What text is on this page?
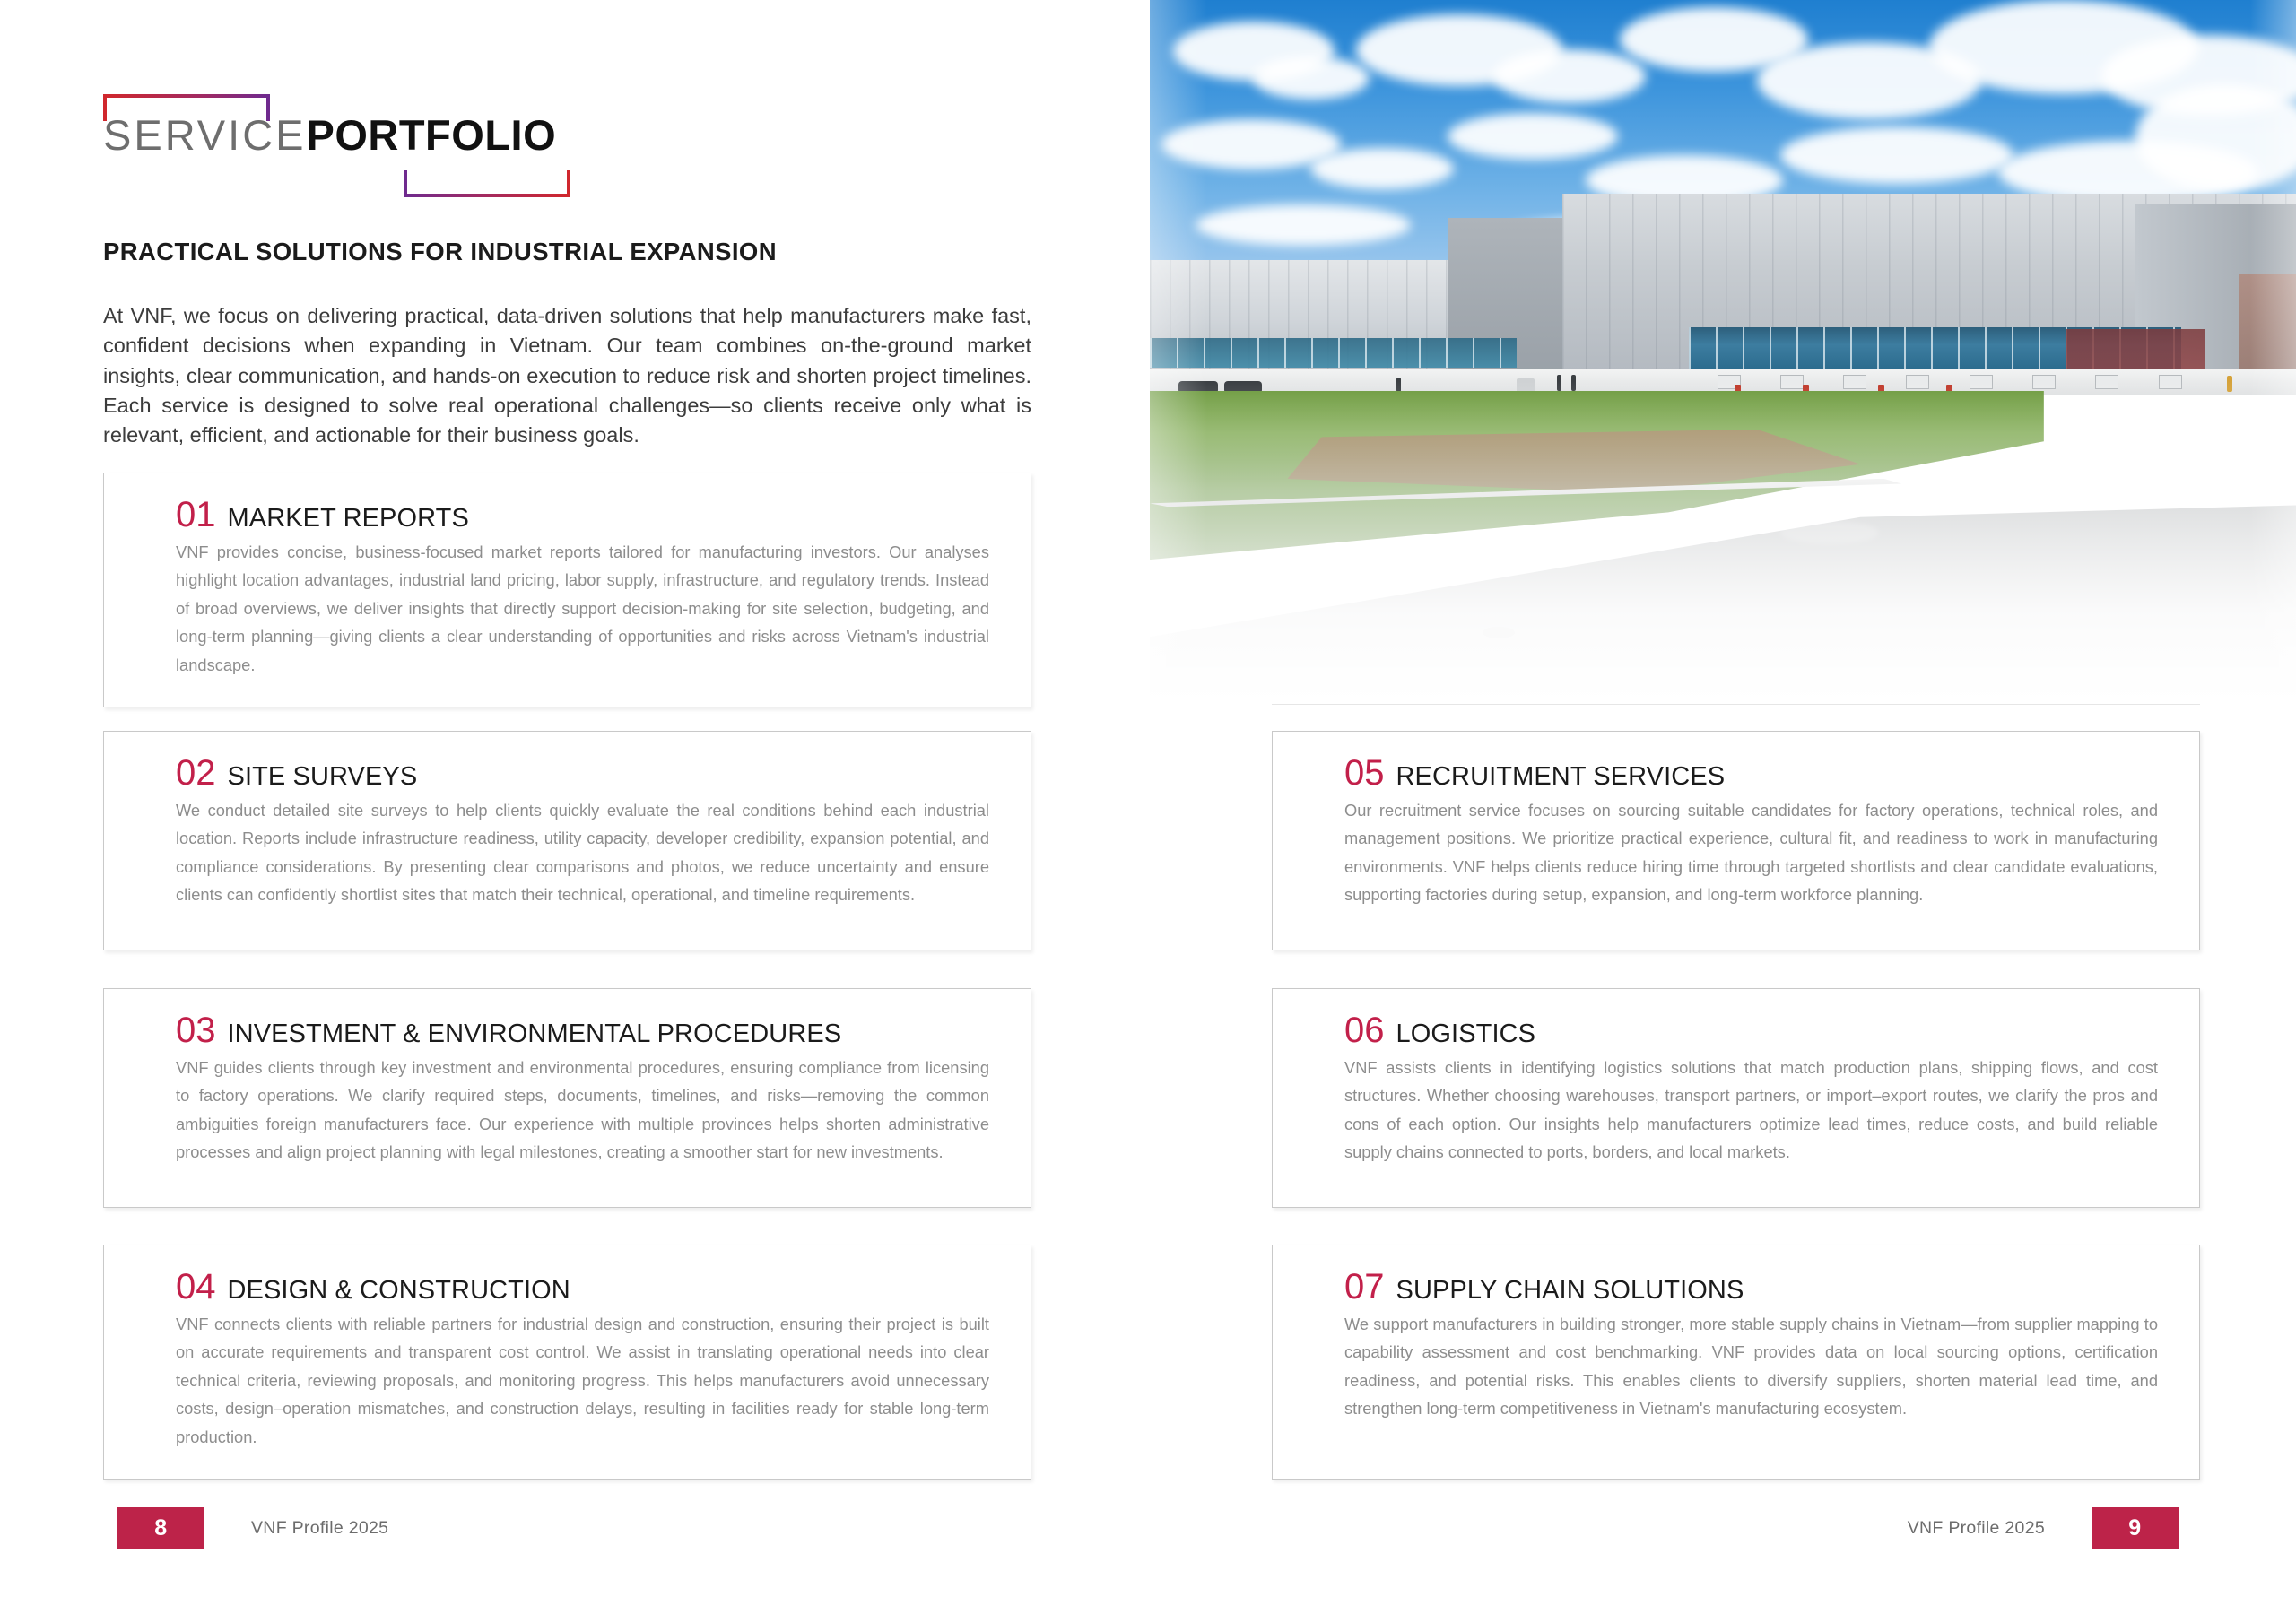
SERVICEPORTFOLIO
PRACTICAL SOLUTIONS FOR INDUSTRIAL EXPANSION
At VNF, we focus on delivering practical, data-driven solutions that help manufacturers make fast, confident decisions when expanding in Vietnam. Our team combines on-the-ground market insights, clear communication, and hands-on execution to reduce risk and shorten project timelines. Each service is designed to solve real operational challenges—so clients receive only what is relevant, efficient, and actionable for their business goals.
01 MARKET REPORTS
VNF provides concise, business-focused market reports tailored for manufacturing investors. Our analyses highlight location advantages, industrial land pricing, labor supply, infrastructure, and regulatory trends. Instead of broad overviews, we deliver insights that directly support decision-making for site selection, budgeting, and long-term planning—giving clients a clear understanding of opportunities and risks across Vietnam's industrial landscape.
02 SITE SURVEYS
We conduct detailed site surveys to help clients quickly evaluate the real conditions behind each industrial location. Reports include infrastructure readiness, utility capacity, developer credibility, expansion potential, and compliance considerations. By presenting clear comparisons and photos, we reduce uncertainty and ensure clients can confidently shortlist sites that match their technical, operational, and timeline requirements.
03 INVESTMENT & ENVIRONMENTAL PROCEDURES
VNF guides clients through key investment and environmental procedures, ensuring compliance from licensing to factory operations. We clarify required steps, documents, timelines, and risks—removing the common ambiguities foreign manufacturers face. Our experience with multiple provinces helps shorten administrative processes and align project planning with legal milestones, creating a smoother start for new investments.
04 DESIGN & CONSTRUCTION
VNF connects clients with reliable partners for industrial design and construction, ensuring their project is built on accurate requirements and transparent cost control. We assist in translating operational needs into clear technical criteria, reviewing proposals, and monitoring progress. This helps manufacturers avoid unnecessary costs, design–operation mismatches, and construction delays, resulting in facilities ready for stable long-term production.
8	VNF Profile 2025
05 RECRUITMENT SERVICES
Our recruitment service focuses on sourcing suitable candidates for factory operations, technical roles, and management positions. We prioritize practical experience, cultural fit, and readiness to work in manufacturing environments. VNF helps clients reduce hiring time through targeted shortlists and clear candidate evaluations, supporting factories during setup, expansion, and long-term workforce planning.
06 LOGISTICS
VNF assists clients in identifying logistics solutions that match production plans, shipping flows, and cost structures. Whether choosing warehouses, transport partners, or import–export routes, we clarify the pros and cons of each option. Our insights help manufacturers optimize lead times, reduce costs, and build reliable supply chains connected to ports, borders, and local markets.
07 SUPPLY CHAIN SOLUTIONS
We support manufacturers in building stronger, more stable supply chains in Vietnam—from supplier mapping to capability assessment and cost benchmarking. VNF provides data on local sourcing options, certification readiness, and potential risks. This enables clients to diversify suppliers, shorten material lead time, and strengthen long-term competitiveness in Vietnam's manufacturing ecosystem.
VNF Profile 2025	9
